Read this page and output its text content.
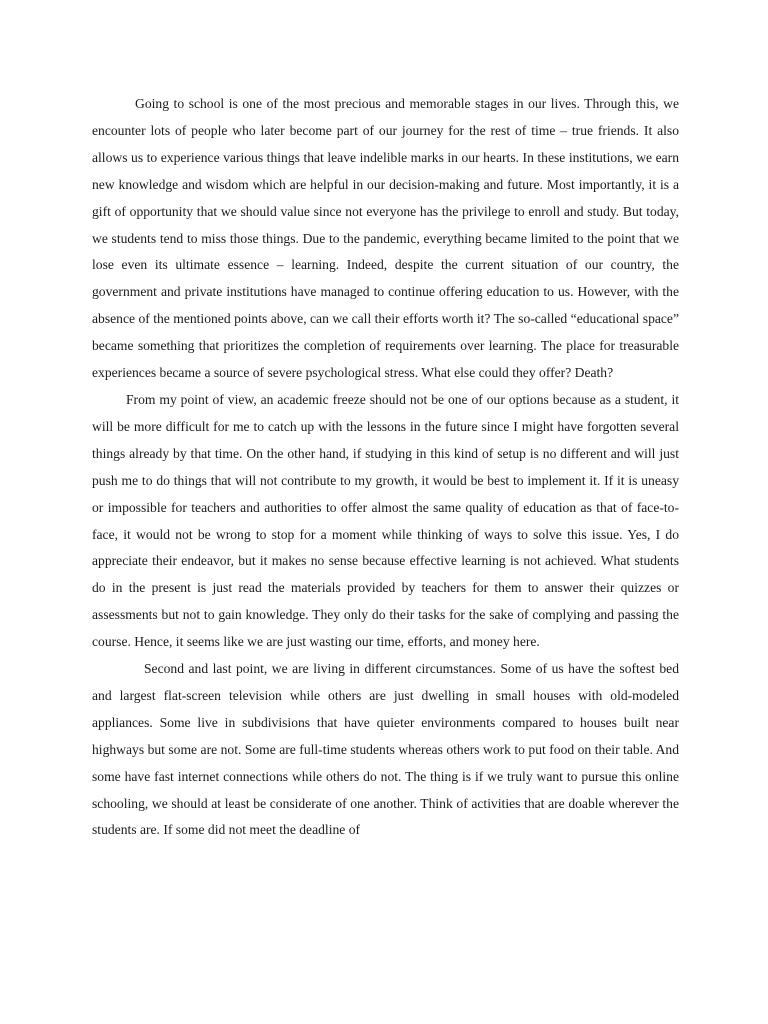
Going to school is one of the most precious and memorable stages in our lives. Through this, we encounter lots of people who later become part of our journey for the rest of time – true friends. It also allows us to experience various things that leave indelible marks in our hearts. In these institutions, we earn new knowledge and wisdom which are helpful in our decision-making and future. Most importantly, it is a gift of opportunity that we should value since not everyone has the privilege to enroll and study. But today, we students tend to miss those things. Due to the pandemic, everything became limited to the point that we lose even its ultimate essence – learning. Indeed, despite the current situation of our country, the government and private institutions have managed to continue offering education to us. However, with the absence of the mentioned points above, can we call their efforts worth it? The so-called “educational space” became something that prioritizes the completion of requirements over learning. The place for treasurable experiences became a source of severe psychological stress. What else could they offer? Death?

From my point of view, an academic freeze should not be one of our options because as a student, it will be more difficult for me to catch up with the lessons in the future since I might have forgotten several things already by that time. On the other hand, if studying in this kind of setup is no different and will just push me to do things that will not contribute to my growth, it would be best to implement it. If it is uneasy or impossible for teachers and authorities to offer almost the same quality of education as that of face-to-face, it would not be wrong to stop for a moment while thinking of ways to solve this issue. Yes, I do appreciate their endeavor, but it makes no sense because effective learning is not achieved. What students do in the present is just read the materials provided by teachers for them to answer their quizzes or assessments but not to gain knowledge. They only do their tasks for the sake of complying and passing the course. Hence, it seems like we are just wasting our time, efforts, and money here.

Second and last point, we are living in different circumstances. Some of us have the softest bed and largest flat-screen television while others are just dwelling in small houses with old-modeled appliances. Some live in subdivisions that have quieter environments compared to houses built near highways but some are not. Some are full-time students whereas others work to put food on their table. And some have fast internet connections while others do not. The thing is if we truly want to pursue this online schooling, we should at least be considerate of one another. Think of activities that are doable wherever the students are. If some did not meet the deadline of
